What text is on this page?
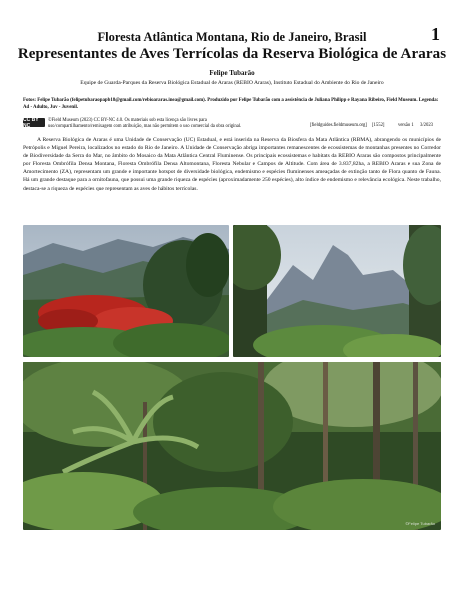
1
Floresta Atlântica Montana, Rio de Janeiro, Brasil
Representantes de Aves Terrícolas da Reserva Biológica de Araras
Felipe Tubarão
Equipe de Guarda-Parques da Reserva Biológica Estadual de Araras (REBIO Araras), Instituto Estadual do Ambiente do Rio de Janeiro
Fotos: Felipe Tubarão (felipetubaraopapb18@gmail.com/rebioararas.inea@gmail.com). Produzido por Felipe Tubarão com a assistência de Juliana Philipp e Rayana Ribeiro, Field Museum. Legenda: Ad - Adulto, Juv - Juvenil.
CC BY NC
©Field Museum (2023) CC BY-NC 4.0. Os materiais sob esta licença são livres para uso/compartilhamento/remixagem com atribuição, mas não permitem o uso comercial da obra original.	[fieldguides.fieldmuseum.org] [1552]	versão 1 3/2023

A Reserva Biológica de Araras é uma Unidade de Conservação (UC) Estadual, e está inserida na Reserva da Biosfera da Mata Atlântica (RBMA), abrangendo os municípios de Petrópolis e Miguel Pereira, localizados no estado do Rio de Janeiro. A Unidade de Conservação abriga importantes remanescentes de ecossistemas de montanhas presentes no Corredor de Biodiversidade da Serra do Mar, no âmbito do Mosaico da Mata Atlântica Central Fluminense. Os principais ecossistemas e habitats da REBIO Araras são compostos principalmente por Floresta Ombrófila Densa Montana, Floresta Ombrófila Densa Altomontana, Floresta Nebular e Campos de Altitude. Com área de 3.837,82ha, a REBIO Araras e sua Zona de Amortecimento (ZA), representam um grande e importante hotspot de diversidade biológica, endemismo e espécies fluminenses ameaçadas de extinção tanto de Flora quanto de Fauna. Há um grande destaque para a ornitofauna, que possui uma grande riqueza de espécies (aproximadamente 250 espécies), alto índice de endemismo e relevância ecológica. Neste trabalho, destaca-se a riqueza de espécies que representam as aves de hábitos terrícolas.

©Felipe Tubarão
